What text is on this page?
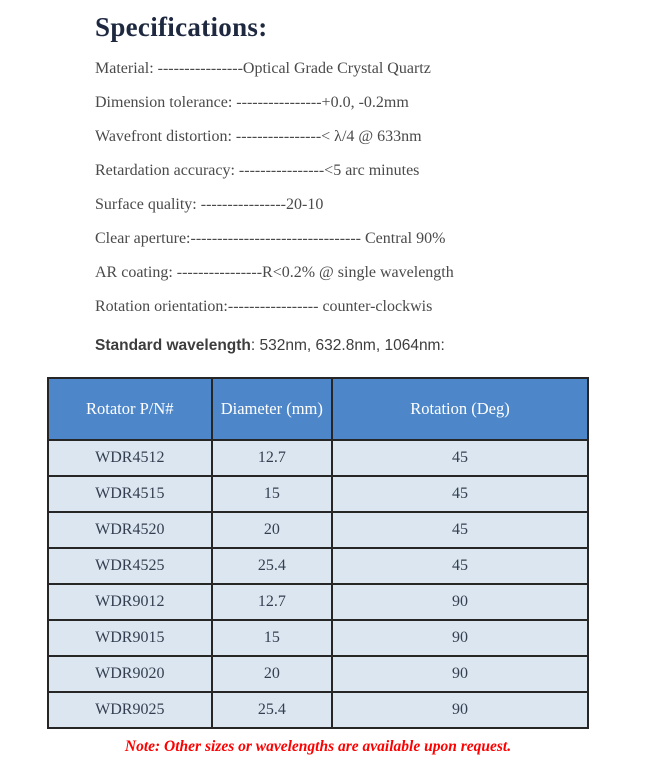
Specifications:
Material: ----------------Optical Grade Crystal Quartz
Dimension tolerance: ----------------+0.0, -0.2mm
Wavefront distortion: ----------------< λ/4 @ 633nm
Retardation accuracy: ----------------<5 arc minutes
Surface quality: ----------------20-10
Clear aperture:-------------------------------- Central 90%
AR coating: ----------------R<0.2% @ single wavelength
Rotation orientation:----------------- counter-clockwis
Standard wavelength: 532nm, 632.8nm, 1064nm:
Rotator P/N#	Diameter (mm)	Rotation (Deg)
WDR4512	12.7	45
WDR4515	15	45
WDR4520	20	45
WDR4525	25.4	45
WDR9012	12.7	90
WDR9015	15	90
WDR9020	20	90
WDR9025	25.4	90
Note: Other sizes or wavelengths are available upon request.
